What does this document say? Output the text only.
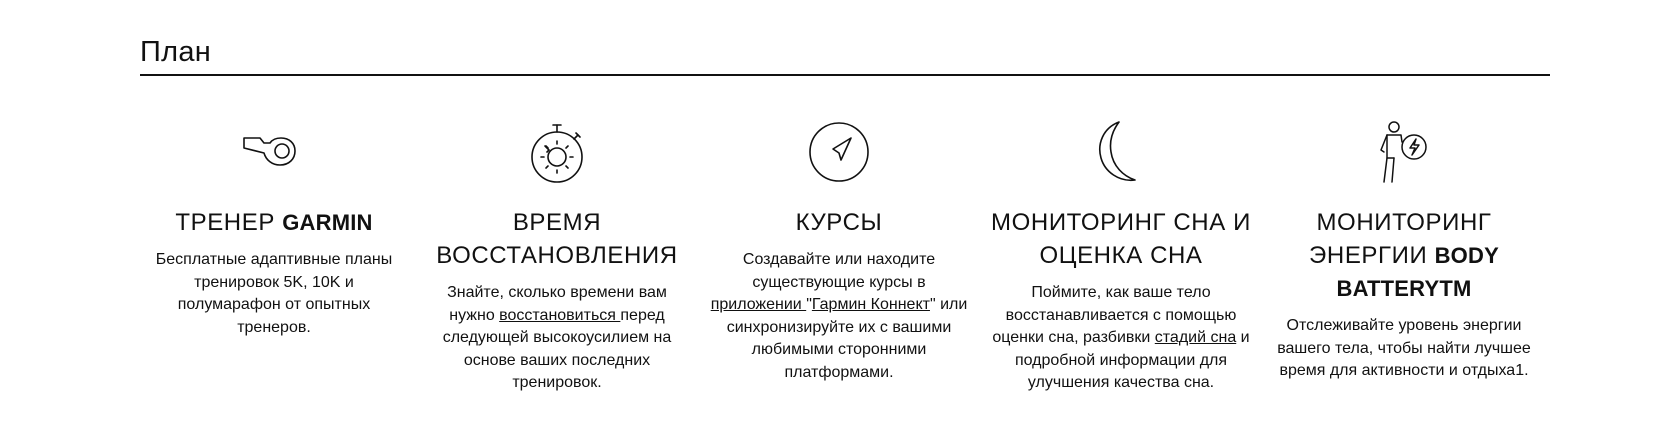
План
ТРЕНЕР GARMIN

Бесплатные адаптивные планы тренировок 5K, 10K и полумарафон от опытных тренеров.

ВРЕМЯ
ВОССТАНОВЛЕНИЯ

Знайте, сколько времени вам нужно восстановиться перед следующей высокоусилием на основе ваших последних тренировок.

КУРСЫ

Создавайте или находите существующие курсы в приложении "Гармин Коннект" или синхронизируйте их с вашими любимыми сторонними платформами.

МОНИТОРИНГ СНА И
ОЦЕНКА СНА

Поймите, как ваше тело восстанавливается с помощью оценки сна, разбивки стадий сна и подробной информации для улучшения качества сна.

МОНИТОРИНГ
ЭНЕРГИИ BODY
BATTERYTM

Отслеживайте уровень энергии вашего тела, чтобы найти лучшее время для активности и отдыха1.
